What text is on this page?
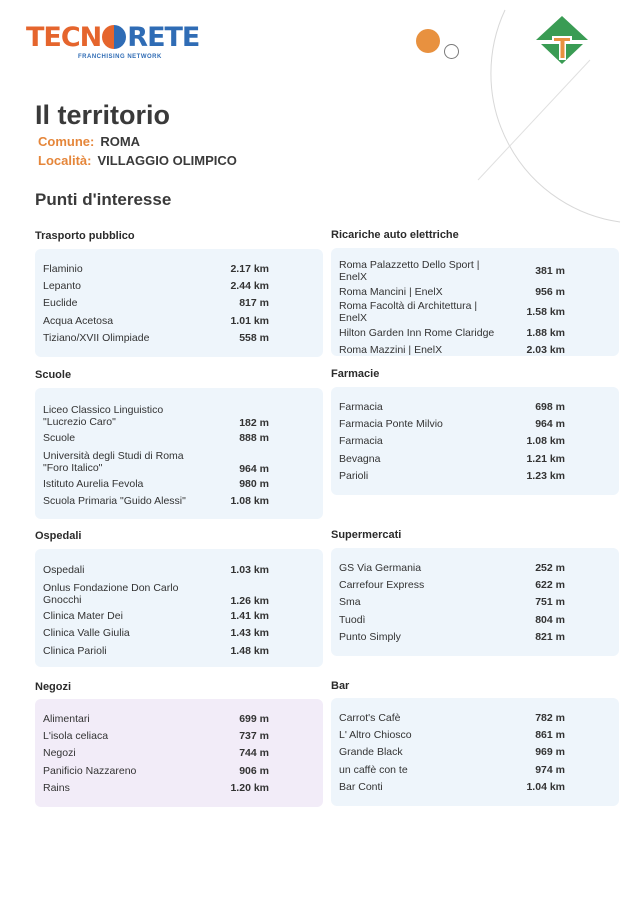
TECN RETE
FRANCHISING NETWORK
Il territorio
Comune: ROMA
Località: VILLAGGIO OLIMPICO
Punti d'interesse
Trasporto pubblico
Flaminio	2.17 km
Lepanto	2.44 km
Euclide	817 m
Acqua Acetosa	1.01 km
Tiziano/XVII Olimpiade	558 m
Ricariche auto elettriche
Roma Palazzetto Dello Sport | EnelX	381 m
Roma Mancini | EnelX	956 m
Roma Facoltà di Architettura | EnelX	1.58 km
Hilton Garden Inn Rome Claridge	1.88 km
Roma Mazzini | EnelX	2.03 km
Scuole
Liceo Classico Linguistico "Lucrezio Caro"	182 m
Scuole	888 m
Università degli Studi di Roma "Foro Italico"	964 m
Istituto Aurelia Fevola	980 m
Scuola Primaria "Guido Alessi"	1.08 km
Farmacie
Farmacia	698 m
Farmacia Ponte Milvio	964 m
Farmacia	1.08 km
Bevagna	1.21 km
Parioli	1.23 km
Ospedali
Ospedali	1.03 km
Onlus Fondazione Don Carlo Gnocchi	1.26 km
Clinica Mater Dei	1.41 km
Clinica Valle Giulia	1.43 km
Clinica Parioli	1.48 km
Supermercati
GS Via Germania	252 m
Carrefour Express	622 m
Sma	751 m
Tuodì	804 m
Punto Simply	821 m
Negozi
Alimentari	699 m
L'isola celiaca	737 m
Negozi	744 m
Panificio Nazzareno	906 m
Rains	1.20 km
Bar
Carrot's Cafè	782 m
L' Altro Chiosco	861 m
Grande Black	969 m
un caffè con te	974 m
Bar Conti	1.04 km
